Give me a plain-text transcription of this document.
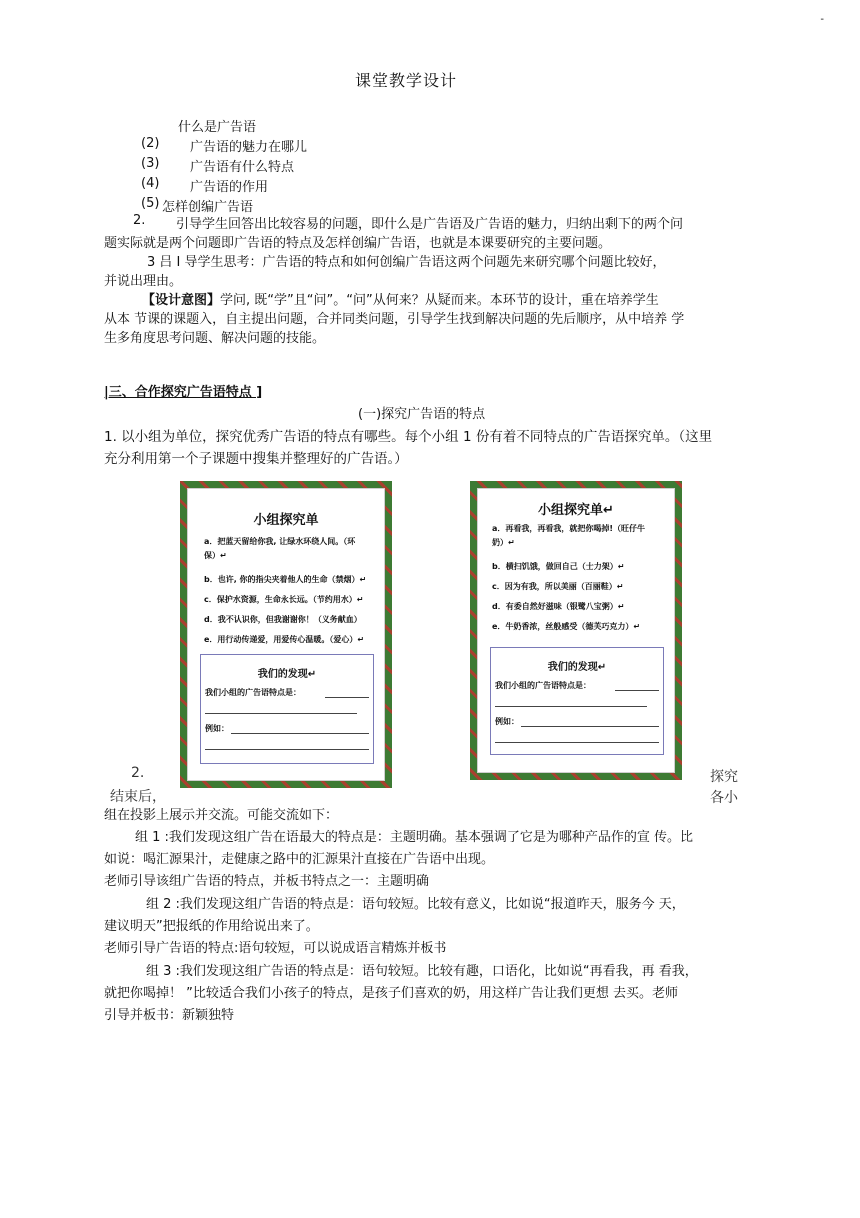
-
课堂教学设计
什么是广告语
(2) 广告语的魅力在哪儿
(3) 广告语有什么特点
(4) 广告语的作用
(5) 怎样创编广告语
2. 引导学生回答出比较容易的问题，即什么是广告语及广告语的魅力，归纳出剩下的两个问
题实际就是两个问题即广告语的特点及怎样创编广告语，也就是本课要研究的主要问题。
3 吕 I 导学生思考：广告语的特点和如何创编广告语这两个问题先来研究哪个问题比较好，
并说出理由。
【设计意图】学问, 既“学”且“问”。“问”从何来？从疑而来。本环节的设计，重在培养学生
从本 节课的课题入，自主提出问题，合并同类问题，引导学生找到解决问题的先后顺序，从中培养 学
生多角度思考问题、解决问题的技能。
|三、合作探究广告语特点 ]
(一)探究广告语的特点
1. 以小组为单位，探究优秀广告语的特点有哪些。每个小组 1 份有着不同特点的广告语探究单。（这里
充分利用第一个子课题中搜集并整理好的广告语。）
小组探究单
a．把蓝天留给你我, 让绿水环绕人间。（环
保）↵
b．也许, 你的指尖夹着他人的生命（禁烟）↵
c．保护水资源，生命永长远。（节约用水）↵
d．我不认识你，但我谢谢你！（义务献血）
e．用行动传递爱，用爱传心温暖。（爱心）↵
我们的发现↵
我们小组的广告语特点是：
例如：
小组探究单↵
a．再看我，再看我，就把你喝掉!（旺仔牛
奶）↵
b．横扫饥饿，做回自己（士力架）↵
c．因为有我，所以美丽（百丽鞋）↵
d．有委自然好滋味（银鹭八宝粥）↵
e．牛奶香浓，丝般感受（德芙巧克力）↵
我们的发现↵
我们小组的广告语特点是：
例如：
2.
结束后，
探究
各小
组在投影上展示并交流。可能交流如下：
组 1 :我们发现这组广告在语最大的特点是：主题明确。基本强调了它是为哪种产品作的宣 传。比
如说：喝汇源果汁，走健康之路中的汇源果汁直接在广告语中出现。
老师引导该组广告语的特点，并板书特点之一：主题明确
组 2 :我们发现这组广告语的特点是：语句较短。比较有意义，比如说“报道昨天，服务今 天，
建议明天”把报纸的作用给说出来了。
老师引导广告语的特点:语句较短，可以说成语言精炼并板书
组 3 :我们发现这组广告语的特点是：语句较短。比较有趣，口语化，比如说“再看我，再 看我，
就把你喝掉！ ”比较适合我们小孩子的特点，是孩子们喜欢的奶，用这样广告让我们更想 去买。老师
引导并板书：新颖独特
